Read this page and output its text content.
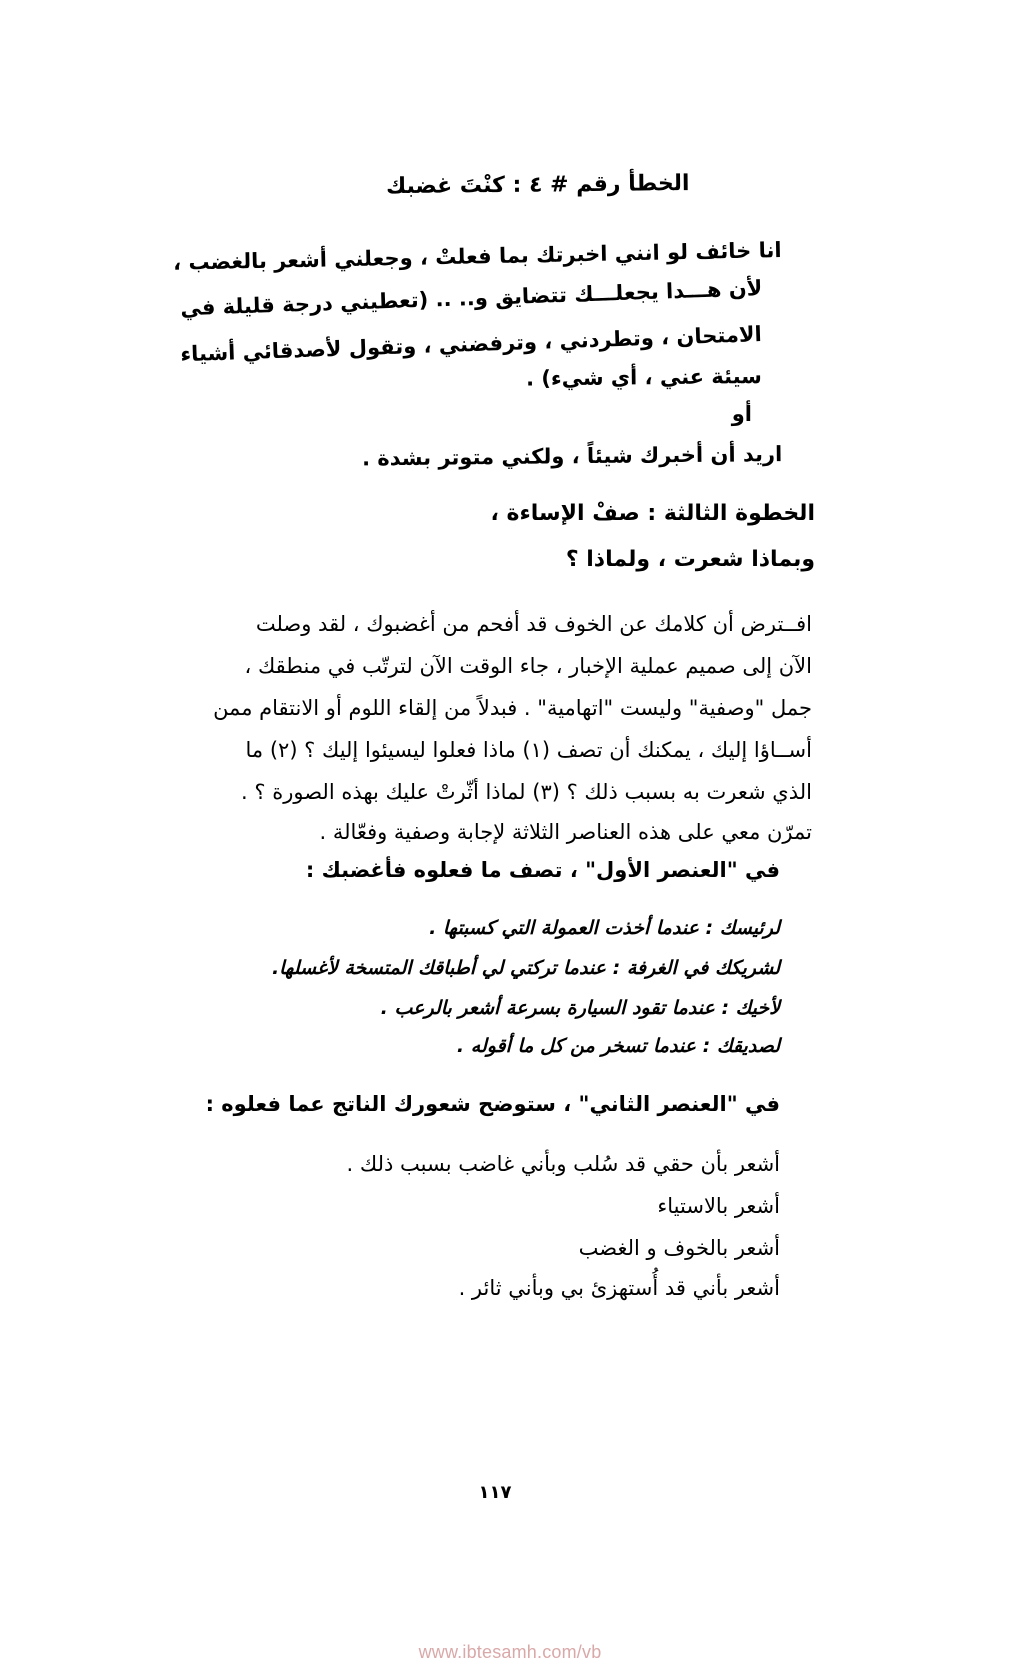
الخطأ رقم # ٤ : كنْتَ غضبك
انا خائف لو انني اخبرتك بما فعلتْ ، وجعلني أشعر بالغضب ،
لأن هـــدا يجعلـــك تتضايق و.. .. (تعطيني درجة قليلة في
الامتحان ، وتطردني ، وترفضني ، وتقول لأصدقائي أشياء
سيئة عني ، أي شيء) .
أو
اريد أن أخبرك شيئاً ، ولكني متوتر بشدة .
الخطوة الثالثة : صفْ الإساءة ،
وبماذا شعرت ، ولماذا ؟
افــترض أن كلامك عن الخوف قد أفحم من أغضبوك ، لقد وصلت
الآن إلى صميم عملية الإخبار ، جاء الوقت الآن لترتّب في منطقك ،
جمل "وصفية" وليست "اتهامية" . فبدلاً من إلقاء اللوم أو الانتقام ممن
أســاؤا إليك ، يمكنك أن تصف (١) ماذا فعلوا ليسيئوا إليك ؟ (٢) ما
الذي شعرت به بسبب ذلك ؟ (٣) لماذا أثّرتْ عليك بهذه الصورة ؟ .
تمرّن معي على هذه العناصر الثلاثة لإجابة وصفية وفعّالة .
في "العنصر الأول" ، تصف ما فعلوه فأغضبك :
لرئيسك : عندما أخذت العمولة التي كسبتها .
لشريكك في الغرفة : عندما تركتي لي أطباقك المتسخة لأغسلها.
لأخيك : عندما تقود السيارة بسرعة أشعر بالرعب .
لصديقك : عندما تسخر من كل ما أقوله .
في "العنصر الثاني" ، ستوضح شعورك الناتج عما فعلوه :
أشعر بأن حقي قد سُلب وبأني غاضب بسبب ذلك .
أشعر بالاستياء
أشعر بالخوف و الغضب
أشعر بأني قد أُستهزئ بي وبأني ثائر .
١١٧
www.ibtesamh.com/vb
